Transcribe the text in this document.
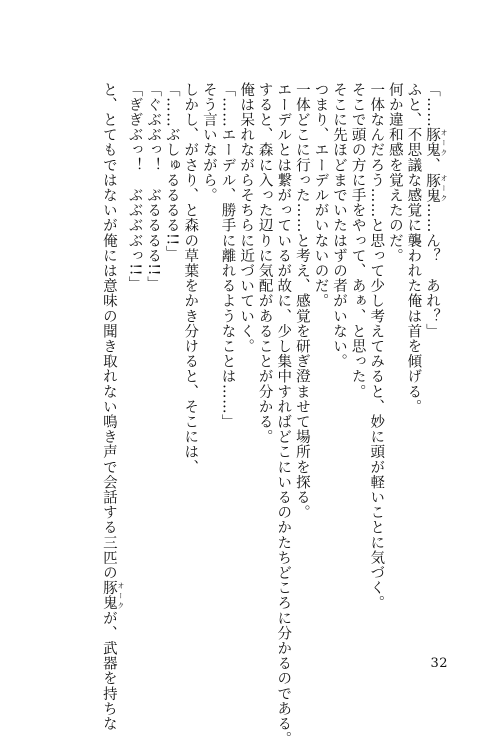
「……豚鬼 オーク、豚鬼 オーク……ん？　あれ？」
ふと、不思議な感覚に襲われた俺は首を傾げる。
何か違和感を覚えたのだ。
一体なんだろう……と思って少し考えてみると、妙に頭が軽いことに気づく。
そこで頭の方に手をやって、あぁ、と思った。
そこに先ほどまでいたはずの者がいない。
つまり、エーデルがいないのだ。
一体どこに行った……と考え、感覚を研ぎ澄ませて場所を探る。
エーデルとは繋がっているが故に、少し集中すればどこにいるのかたちどころに分かるのである。
すると、森に入った辺りに気配があることが分かる。
俺は呆れながらそちらに近づいていく。
「……エーデル、勝手に離れるようなことは……」
そう言いながら。
しかし、がさり、と森の草葉をかき分けると、そこには、
「……ぶしゅるるるる!!」
「ぐぶぶっ！　ぶるるるる!!」
「ぎぎぶっ！　ぶぶぶぶっ!!」
と、とてもではないが俺には意味の聞き取れない鳴き声で会話する三匹の豚鬼 オークが、武器を持ちな	32
